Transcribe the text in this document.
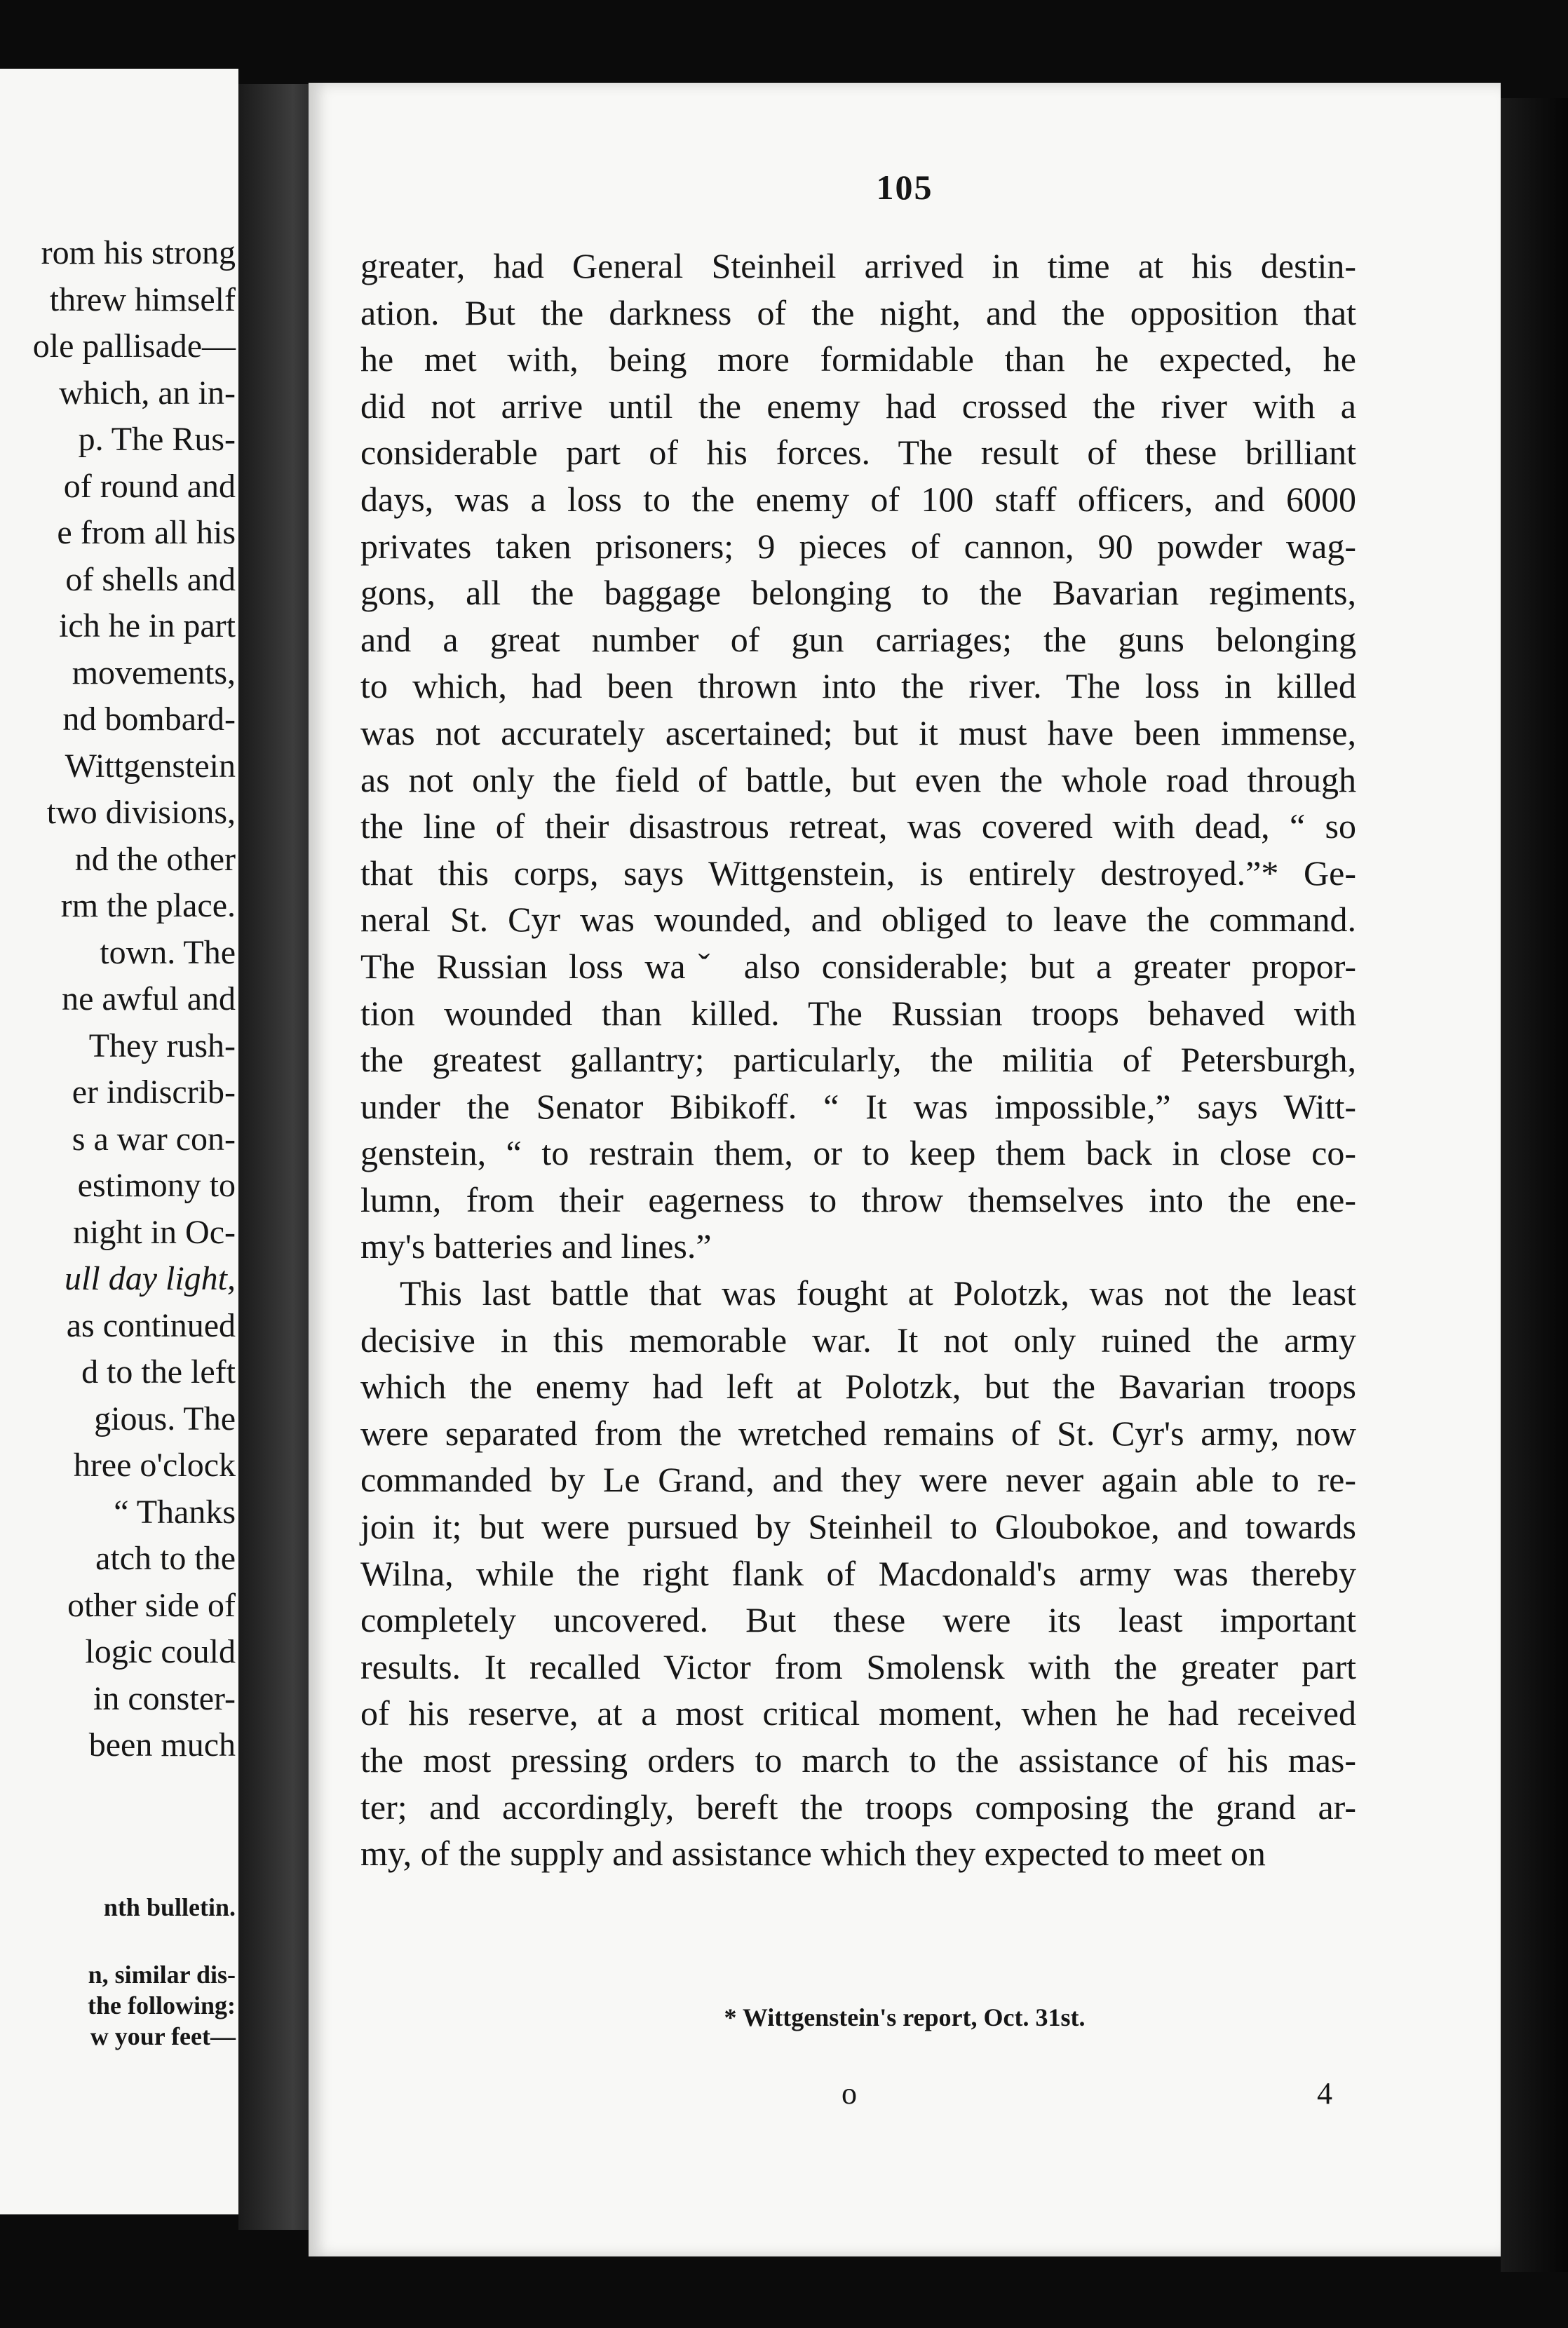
rom his strong
threw himself
ole pallisade—
which, an in-
p. The Rus-
of round and
e from all his
of shells and
ich he in part
movements,
nd bombard-
Wittgenstein
two divisions,
nd the other
rm the place.
town. The
ne awful and
They rush-
er indiscrib-
s a war con-
estimony to
night in Oc-
ull day light,
as continued
d to the left
gious. The
hree o'clock
“ Thanks
atch to the
other side of
logic could
in conster-
been much
nth bulletin.
n, similar dis-
the following:
w your feet—
105
greater, had General Steinheil arrived in time at his destin-
ation. But the darkness of the night, and the opposition that
he met with, being more formidable than he expected, he
did not arrive until the enemy had crossed the river with a
considerable part of his forces. The result of these brilliant
days, was a loss to the enemy of 100 staff officers, and 6000
privates taken prisoners; 9 pieces of cannon, 90 powder wag-
gons, all the baggage belonging to the Bavarian regiments,
and a great number of gun carriages; the guns belonging
to which, had been thrown into the river. The loss in killed
was not accurately ascertained; but it must have been immense,
as not only the field of battle, but even the whole road through
the line of their disastrous retreat, was covered with dead, “ so
that this corps, says Wittgenstein, is entirely destroyed.”* Ge-
neral St. Cyr was wounded, and obliged to leave the command.
The Russian loss waˇ also considerable; but a greater propor-
tion wounded than killed. The Russian troops behaved with
the greatest gallantry; particularly, the militia of Petersburgh,
under the Senator Bibikoff. “ It was impossible,” says Witt-
genstein, “ to restrain them, or to keep them back in close co-
lumn, from their eagerness to throw themselves into the ene-
my's batteries and lines.”
This last battle that was fought at Polotzk, was not the least
decisive in this memorable war. It not only ruined the army
which the enemy had left at Polotzk, but the Bavarian troops
were separated from the wretched remains of St. Cyr's army, now
commanded by Le Grand, and they were never again able to re-
join it; but were pursued by Steinheil to Gloubokoe, and towards
Wilna, while the right flank of Macdonald's army was thereby
completely uncovered. But these were its least important
results. It recalled Victor from Smolensk with the greater part
of his reserve, at a most critical moment, when he had received
the most pressing orders to march to the assistance of his mas-
ter; and accordingly, bereft the troops composing the grand ar-
my, of the supply and assistance which they expected to meet on
* Wittgenstein's report, Oct. 31st.
o	4
